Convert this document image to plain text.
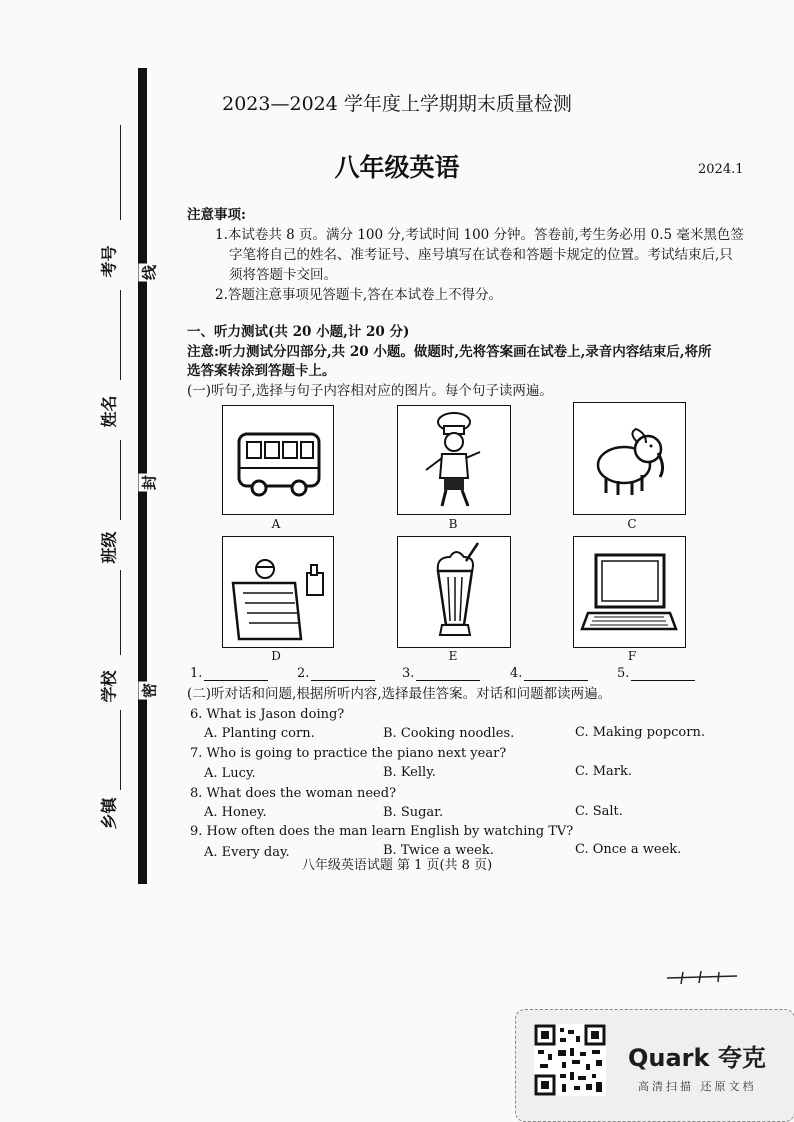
考号
姓名
班级
学校
乡镇
线
封
密
2023—2024 学年度上学期期末质量检测
八年级英语	2024.1
注意事项:
1.本试卷共 8 页。满分 100 分,考试时间 100 分钟。答卷前,考生务必用 0.5 毫米黑色签
字笔将自己的姓名、准考证号、座号填写在试卷和答题卡规定的位置。考试结束后,只
须将答题卡交回。
2.答题注意事项见答题卡,答在本试卷上不得分。
一、听力测试(共 20 小题,计 20 分)
注意:听力测试分四部分,共 20 小题。做题时,先将答案画在试卷上,录音内容结束后,将所
选答案转涂到答题卡上。
(一)听句子,选择与句子内容相对应的图片。每个句子读两遍。
A	B	C
D	E	F
1.	2.	3.	4.	5.
(二)听对话和问题,根据所听内容,选择最佳答案。对话和问题都读两遍。
6. What is Jason doing?
A. Planting corn.	B. Cooking noodles.	C. Making popcorn.
7. Who is going to practice the piano next year?
A. Lucy.	B. Kelly.	C. Mark.
8. What does the woman need?
A. Honey.	B. Sugar.	C. Salt.
9. How often does the man learn English by watching TV?
A. Every day.	B. Twice a week.	C. Once a week.
八年级英语试题 第 1 页(共 8 页)
Quark 夸克
高清扫描 还原文档
